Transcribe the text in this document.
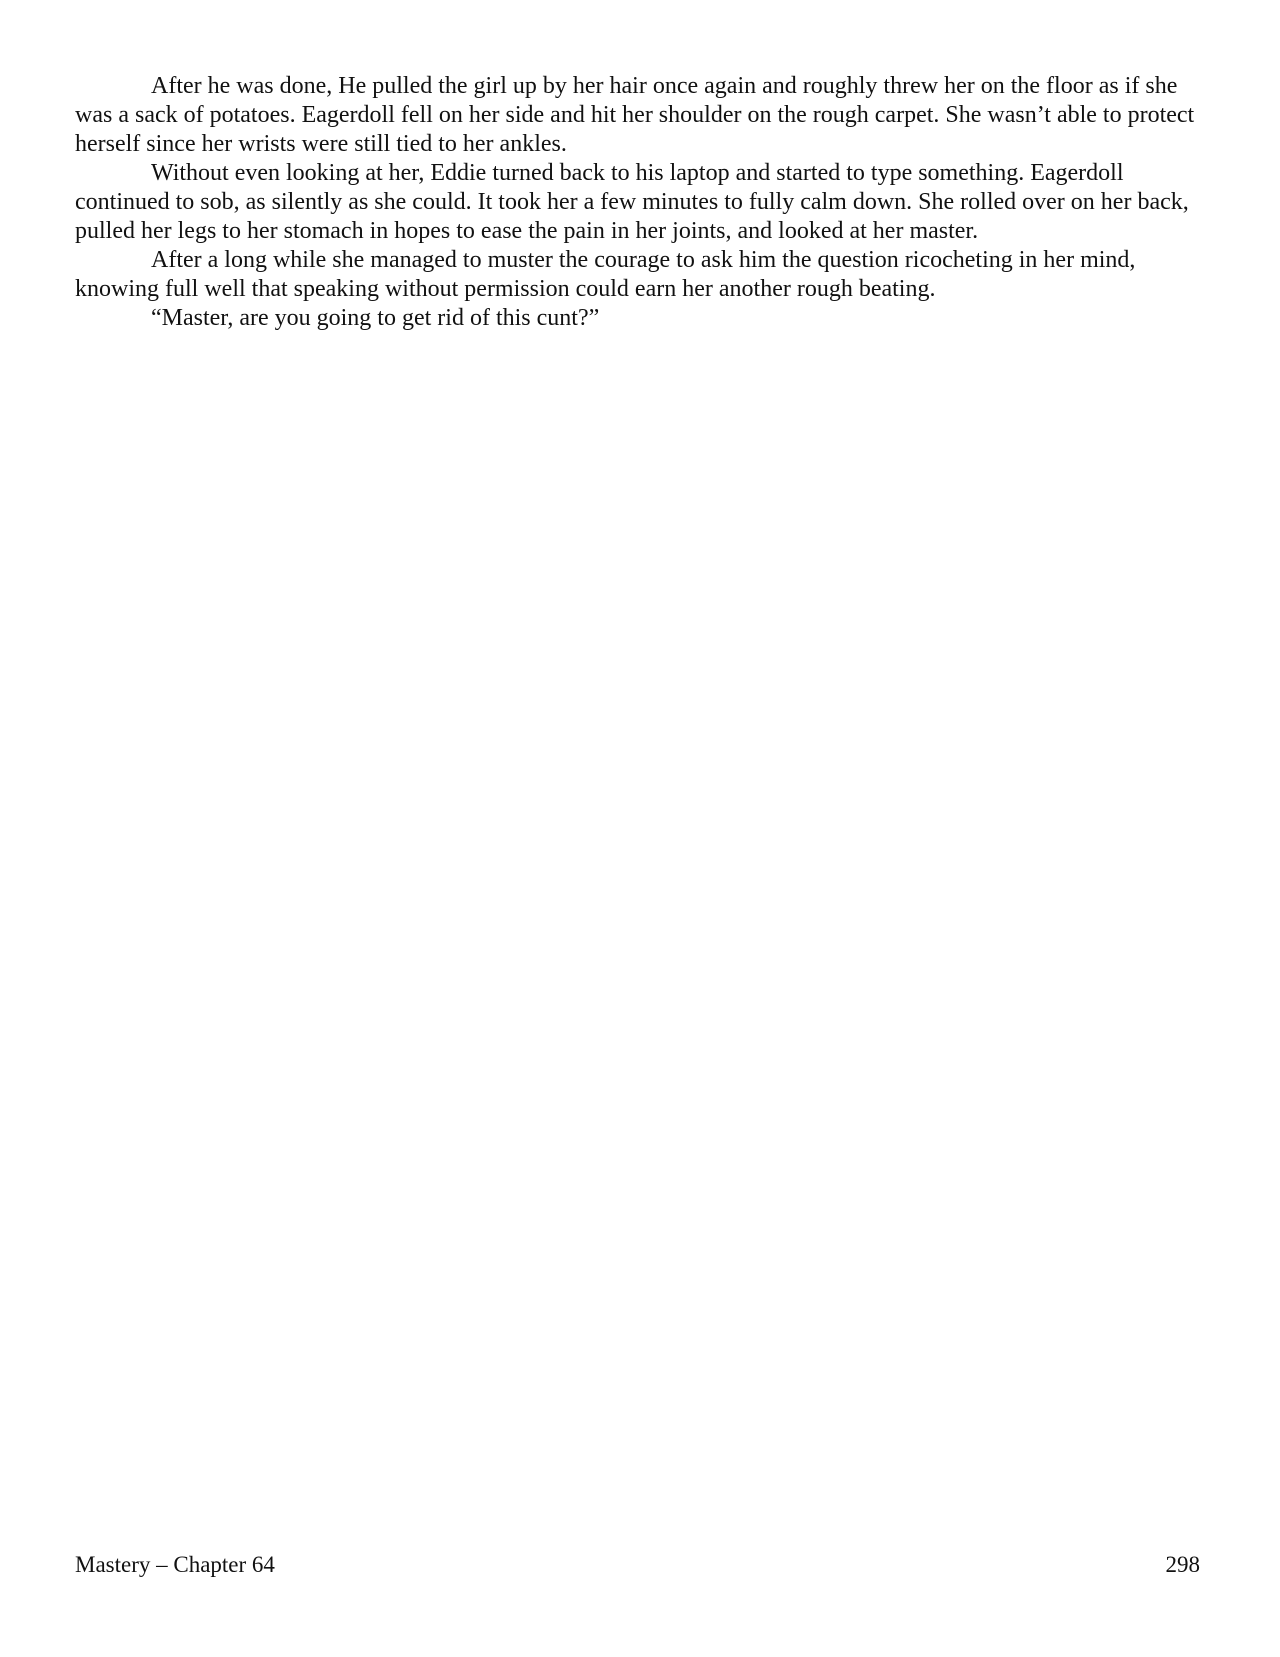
After he was done, He pulled the girl up by her hair once again and roughly threw her on the floor as if she was a sack of potatoes. Eagerdoll fell on her side and hit her shoulder on the rough carpet. She wasn’t able to protect herself since her wrists were still tied to her ankles.

Without even looking at her, Eddie turned back to his laptop and started to type something. Eagerdoll continued to sob, as silently as she could. It took her a few minutes to fully calm down. She rolled over on her back, pulled her legs to her stomach in hopes to ease the pain in her joints, and looked at her master.

After a long while she managed to muster the courage to ask him the question ricocheting in her mind, knowing full well that speaking without permission could earn her another rough beating.

“Master, are you going to get rid of this cunt?”

Mastery – Chapter 64	298
